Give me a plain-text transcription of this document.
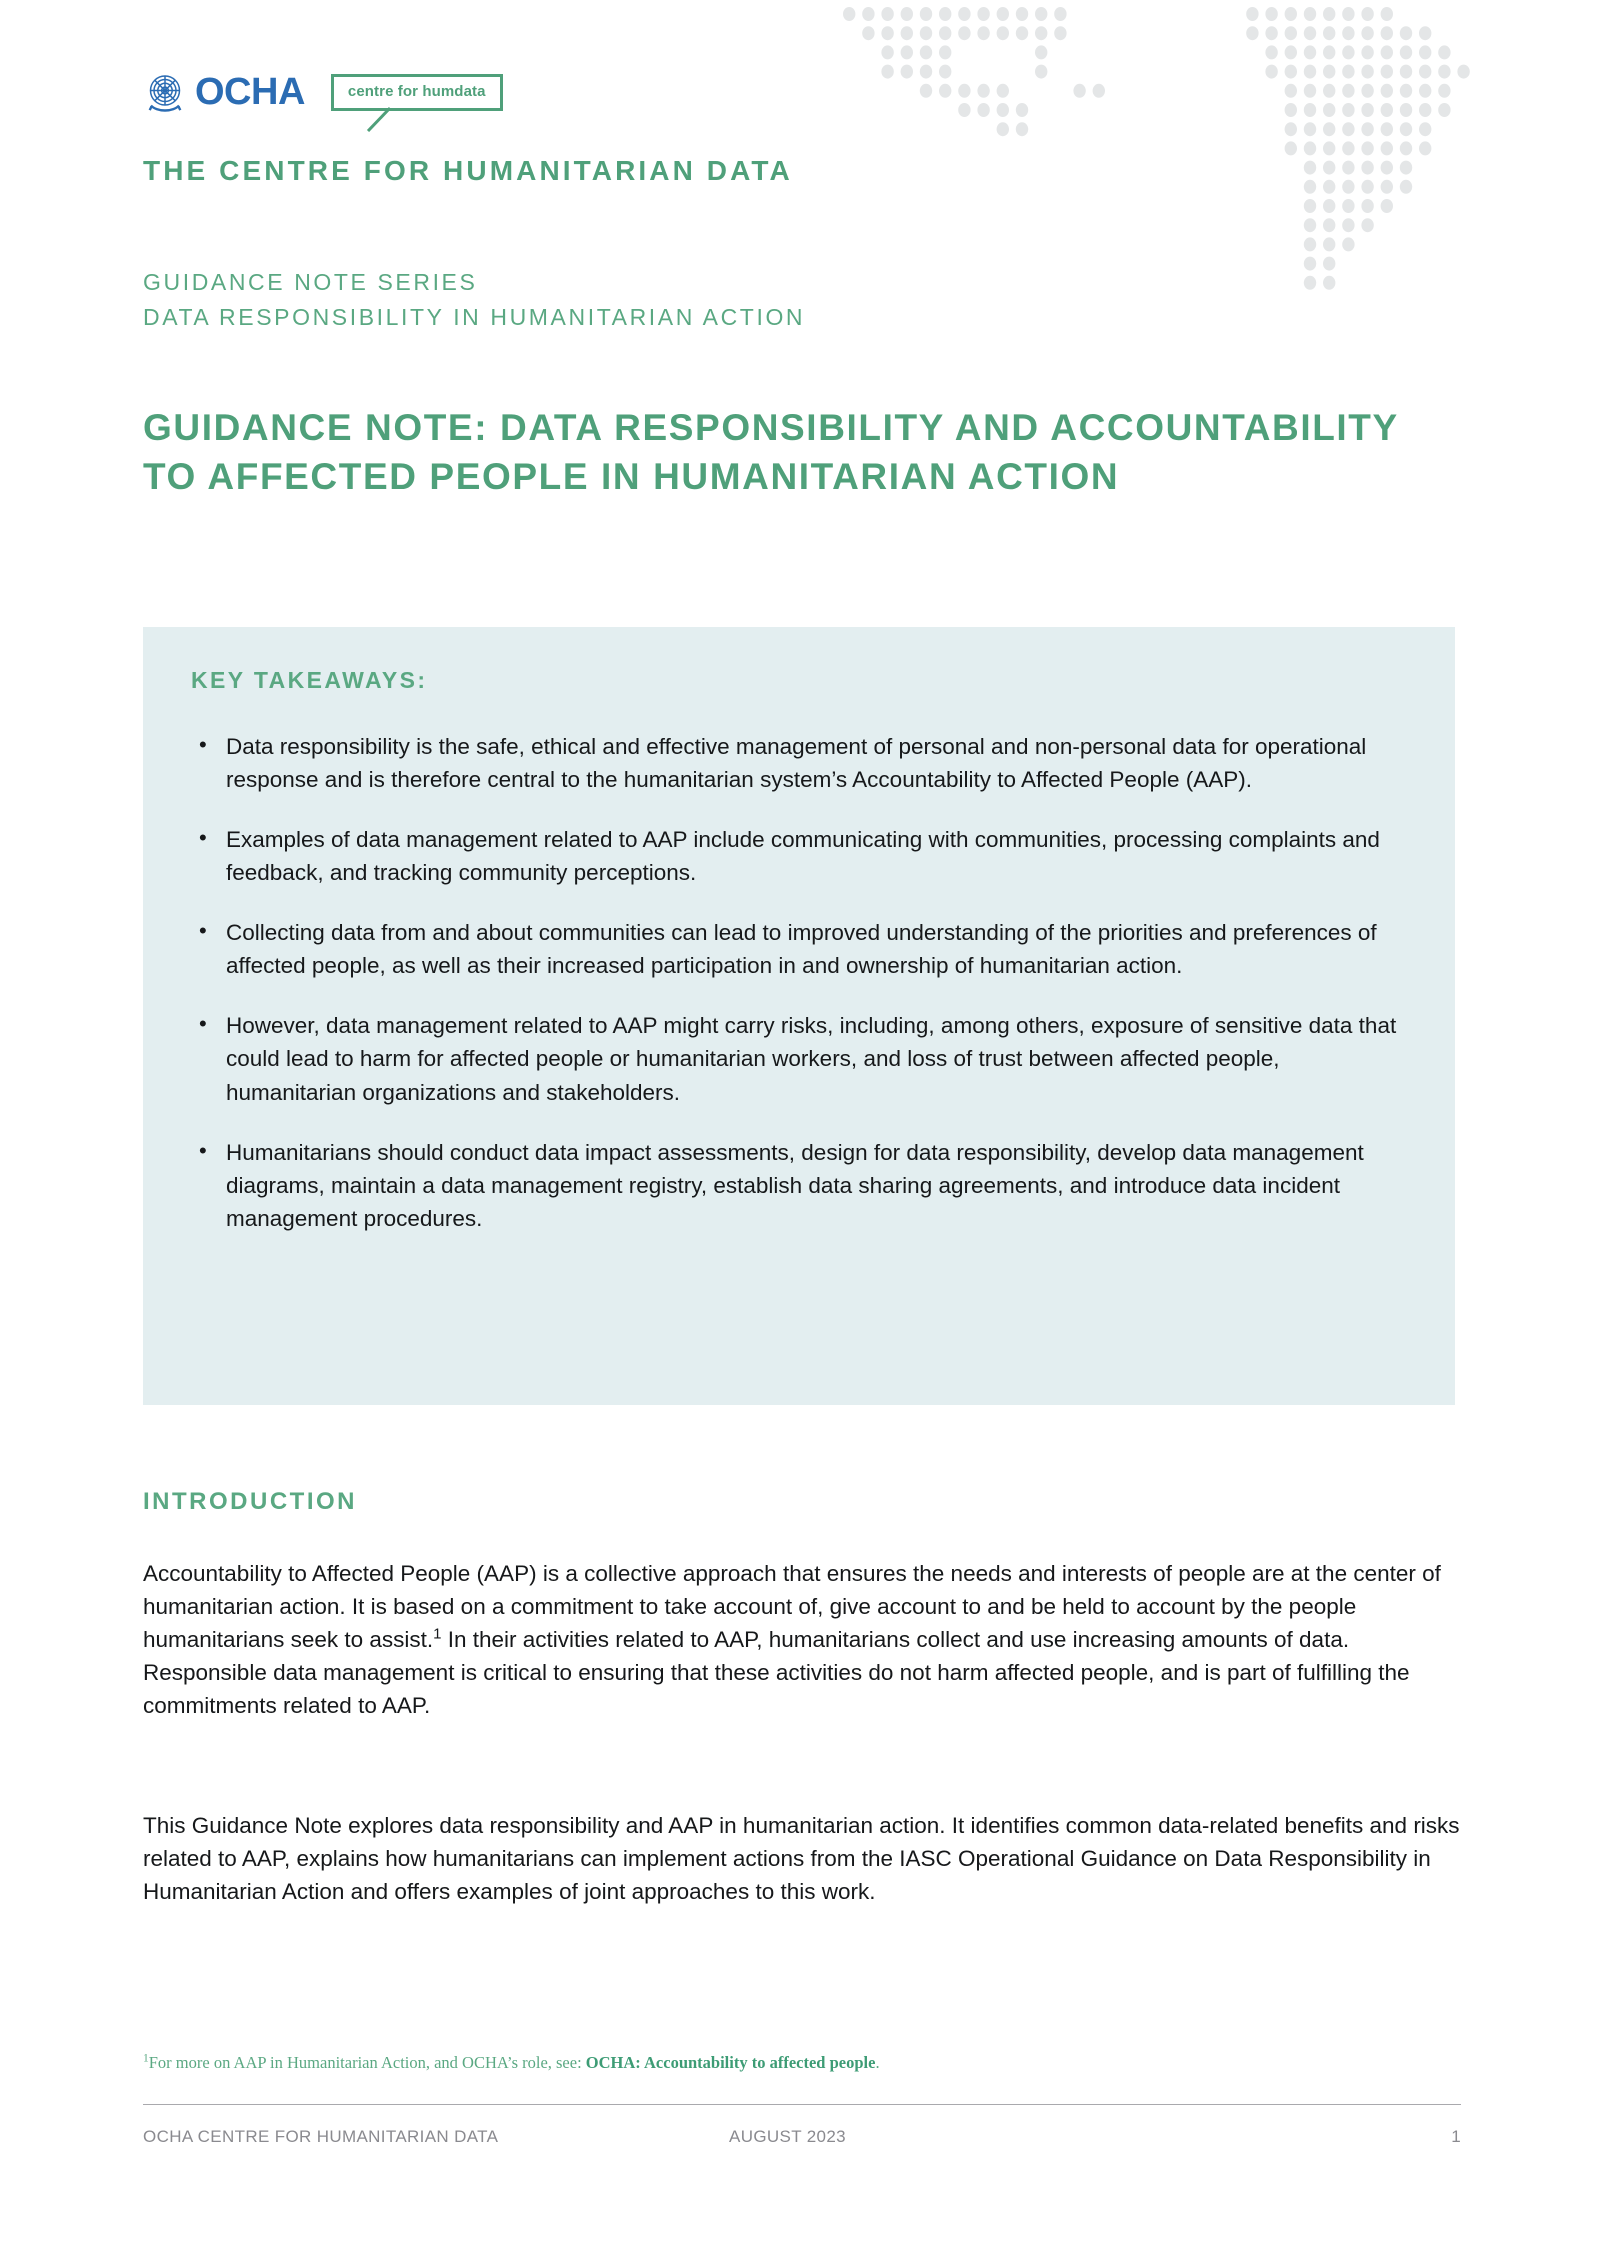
OCHA	centre for humdata
THE CENTRE FOR HUMANITARIAN DATA
GUIDANCE NOTE SERIES
DATA RESPONSIBILITY IN HUMANITARIAN ACTION
GUIDANCE NOTE: DATA RESPONSIBILITY AND ACCOUNTABILITY TO AFFECTED PEOPLE IN HUMANITARIAN ACTION
KEY TAKEAWAYS:
• Data responsibility is the safe, ethical and effective management of personal and non-personal data for operational response and is therefore central to the humanitarian system’s Accountability to Affected People (AAP).
• Examples of data management related to AAP include communicating with communities, processing complaints and feedback, and tracking community perceptions.
• Collecting data from and about communities can lead to improved understanding of the priorities and preferences of affected people, as well as their increased participation in and ownership of humanitarian action.
• However, data management related to AAP might carry risks, including, among others, exposure of sensitive data that could lead to harm for affected people or humanitarian workers, and loss of trust between affected people, humanitarian organizations and stakeholders.
• Humanitarians should conduct data impact assessments, design for data responsibility, develop data management diagrams, maintain a data management registry, establish data sharing agreements, and introduce data incident management procedures.
INTRODUCTION

Accountability to Affected People (AAP) is a collective approach that ensures the needs and interests of people are at the center of humanitarian action. It is based on a commitment to take account of, give account to and be held to account by the people humanitarians seek to assist.$^1$ In their activities related to AAP, humanitarians collect and use increasing amounts of data. Responsible data management is critical to ensuring that these activities do not harm affected people, and is part of fulfilling the commitments related to AAP.

This Guidance Note explores data responsibility and AAP in humanitarian action. It identifies common data-related benefits and risks related to AAP, explains how humanitarians can implement actions from the IASC Operational Guidance on Data Responsibility in Humanitarian Action and offers examples of joint approaches to this work.

$^1$For more on AAP in Humanitarian Action, and OCHA’s role, see: OCHA: Accountability to affected people.
OCHA CENTRE FOR HUMANITARIAN DATA	AUGUST 2023	1
